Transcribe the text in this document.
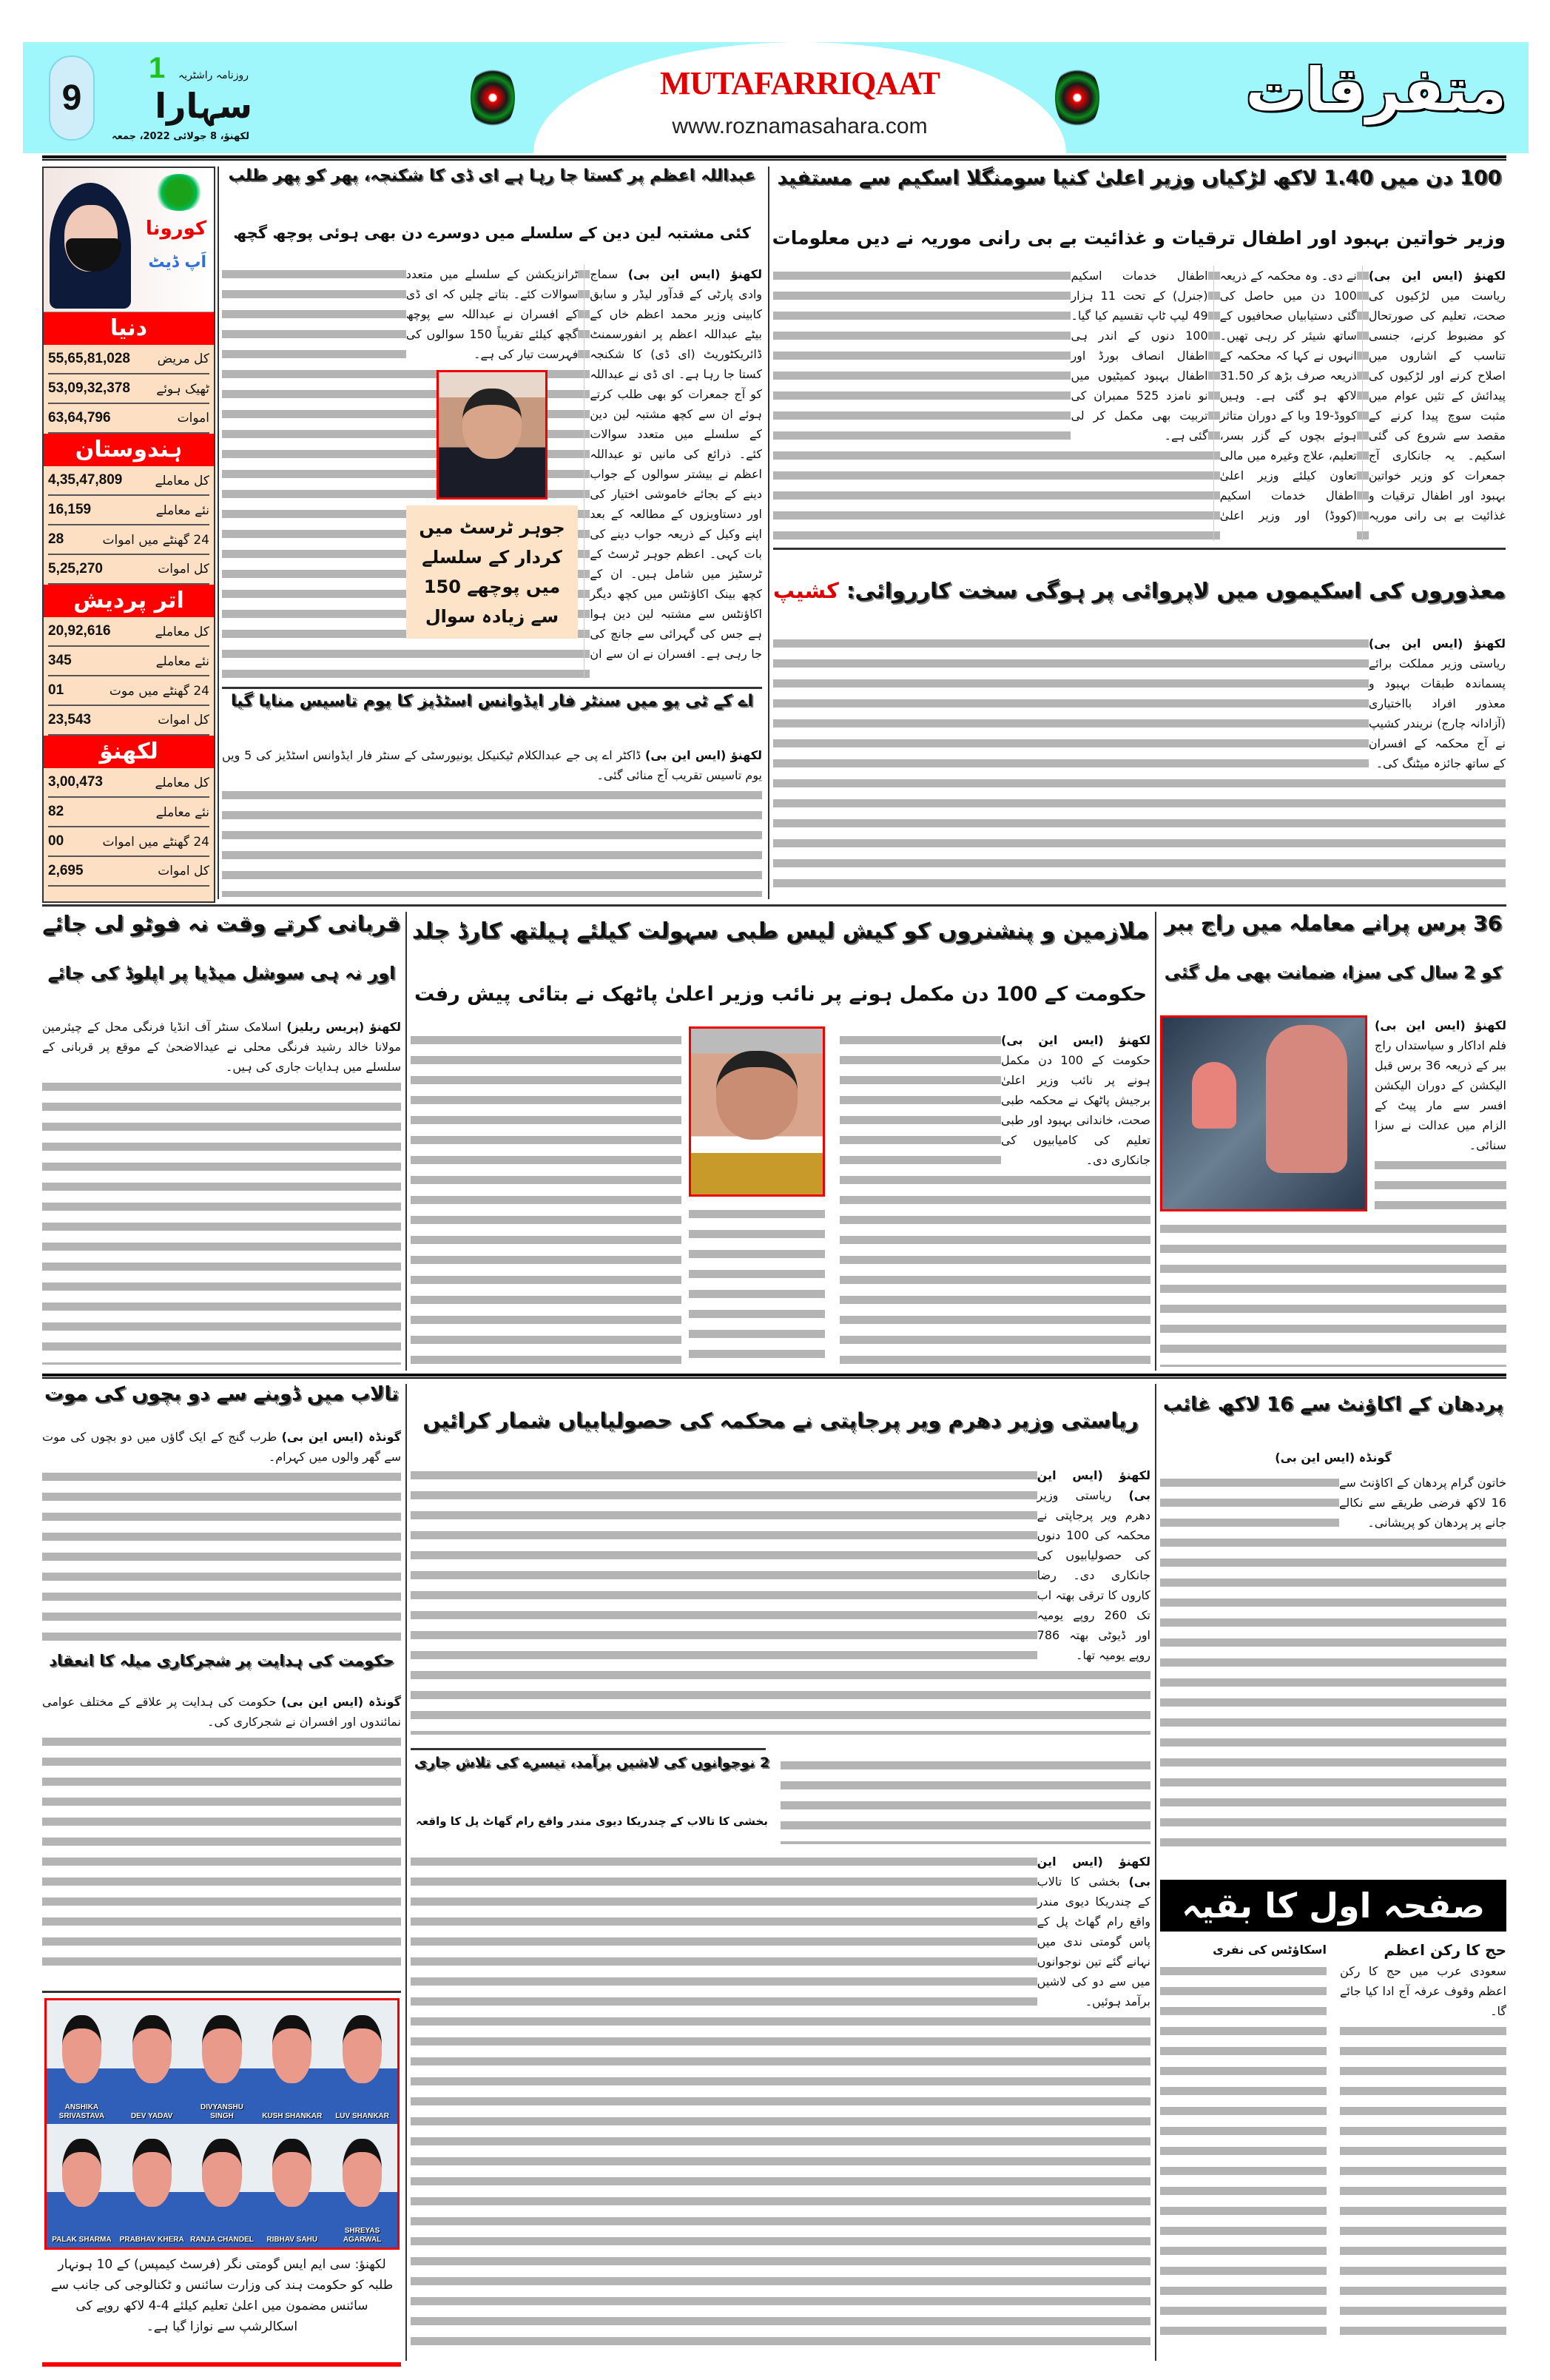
9
1 روزنامہ راشٹریہ
سہارا
لکھنؤ، 8 جولائی 2022، جمعہ
MUTAFARRIQAAT
www.roznamasahara.com
متفرقات
کورونا
اَپ ڈیٹ
دنیا
55,65,81,028 کل مریض
53,09,32,378 ٹھیک ہوئے
63,64,796	اموات
ہندوستان
4,35,47,809	کل معاملے
16,159	نئے معاملے
28	24 گھنٹے میں اموات
5,25,270	کل اموات
اتر پردیش
20,92,616	کل معاملے
345	نئے معاملے
01	24 گھنٹے میں موت
23,543	کل اموات
لکھنؤ
3,00,473	کل معاملے
82	نئے معاملے
00	24 گھنٹے میں اموات
2,695	کل اموات
عبداللہ اعظم پر کستا جا رہا ہے ای ڈی کا شکنجہ، پھر کو پھر طلب
کئی مشتبہ لین دین کے سلسلے میں دوسرے دن بھی ہوئی پوچھ گچھ
لکھنؤ (ایس این بی) سماج وادی پارٹی کے قدآور لیڈر و سابق کابینی وزیر محمد اعظم خاں کے بیٹے عبداللہ اعظم پر انفورسمنٹ ڈائریکٹوریٹ (ای ڈی) کا شکنجہ کستا جا رہا ہے۔ ای ڈی نے عبداللہ کو آج جمعرات کو بھی طلب کرتے ہوئے ان سے کچھ مشتبہ لین دین کے سلسلے میں متعدد سوالات کئے۔ ذرائع کی مانیں تو عبداللہ اعظم نے بیشتر سوالوں کے جواب دینے کے بجائے خاموشی اختیار کی اور دستاویزوں کے مطالعہ کے بعد اپنے وکیل کے ذریعہ جواب دینے کی بات کہی۔ اعظم جوہر ٹرسٹ کے ٹرسٹیز میں شامل ہیں۔ ان کے کچھ بینک اکاؤنٹس میں کچھ دیگر اکاؤنٹس سے مشتبہ لین دین ہوا ہے جس کی گہرائی سے جانچ کی جا رہی ہے۔ افسران نے ان سے ان ٹرانزیکشن کے سلسلے میں متعدد سوالات کئے۔ بتاتے چلیں کہ ای ڈی کے افسران نے عبداللہ سے پوچھ گچھ کیلئے تقریباً 150 سوالوں کی فہرست تیار کی ہے۔
جوہر ٹرسٹ میں کردار کے سلسلے میں پوچھے 150 سے زیادہ سوال
اے کے ٹی یو میں سنٹر فار ایڈوانس اسٹڈیز کا یوم تاسیس منایا گیا
لکھنؤ (ایس این بی) ڈاکٹر اے پی جے عبدالکلام ٹیکنیکل یونیورسٹی کے سنٹر فار ایڈوانس اسٹڈیز کی 5 ویں یوم تاسیس تقریب آج منائی گئی۔
100 دن میں 1.40 لاکھ لڑکیاں وزیر اعلیٰ کنیا سومنگلا اسکیم سے مستفید
وزیر خواتین بہبود اور اطفال ترقیات و غذائیت بے بی رانی موریہ نے دیں معلومات
لکھنؤ (ایس این بی) ریاست میں لڑکیوں کی صحت، تعلیم کی صورتحال کو مضبوط کرنے، جنسی تناسب کے اشاروں میں اصلاح کرنے اور لڑکیوں کی پیدائش کے تئیں عوام میں مثبت سوچ پیدا کرنے کے مقصد سے شروع کی گئی اسکیم۔ یہ جانکاری آج جمعرات کو وزیر خواتین بہبود اور اطفال ترقیات و غذائیت بے بی رانی موریہ نے دی۔ وہ محکمہ کے ذریعہ 100 دن میں حاصل کی گئی دستیابیاں صحافیوں کے ساتھ شیئر کر رہی تھیں۔ انہوں نے کہا کہ محکمہ کے ذریعہ صرف بڑھ کر 31.50 لاکھ ہو گئی ہے۔ وہیں کووڈ-19 وبا کے دوران متاثر ہوئے بچوں کے گزر بسر، تعلیم، علاج وغیرہ میں مالی تعاون کیلئے وزیر اعلیٰ اطفال خدمات اسکیم (کووڈ) اور وزیر اعلیٰ اطفال خدمات اسکیم (جنرل) کے تحت 11 ہزار 49 لیپ ٹاپ تقسیم کیا گیا۔ 100 دنوں کے اندر ہی اطفال انصاف بورڈ اور اطفال بہبود کمیٹیوں میں نو نامزد 525 ممبران کی تربیت بھی مکمل کر لی گئی ہے۔
معذوروں کی اسکیموں میں لاپروائی پر ہوگی سخت کارروائی: کشیپ
لکھنؤ (ایس این بی) ریاستی وزیر مملکت برائے پسماندہ طبقات بہبود و معذور افراد بااختیاری (آزادانہ چارج) نریندر کشیپ نے آج محکمہ کے افسران کے ساتھ جائزہ میٹنگ کی۔
قربانی کرتے وقت نہ فوٹو لی جائے
اور نہ ہی سوشل میڈیا پر اپلوڈ کی جائے
لکھنؤ (پریس ریلیز) اسلامک سنٹر آف انڈیا فرنگی محل کے چیئرمین مولانا خالد رشید فرنگی محلی نے عیدالاضحیٰ کے موقع پر قربانی کے سلسلے میں ہدایات جاری کی ہیں۔
ملازمین و پنشنروں کو کیش لیس طبی سہولت کیلئے ہیلتھ کارڈ جلد
حکومت کے 100 دن مکمل ہونے پر نائب وزیر اعلیٰ پاٹھک نے بتائی پیش رفت
لکھنؤ (ایس این بی) حکومت کے 100 دن مکمل ہونے پر نائب وزیر اعلیٰ برجیش پاٹھک نے محکمہ طبی صحت، خاندانی بہبود اور طبی تعلیم کی کامیابیوں کی جانکاری دی۔
36 برس پرانے معاملہ میں راج ببر
کو 2 سال کی سزا، ضمانت بھی مل گئی
لکھنؤ (ایس این بی) فلم اداکار و سیاستداں راج ببر کے ذریعہ 36 برس قبل الیکشن کے دوران الیکشن افسر سے مار پیٹ کے الزام میں عدالت نے سزا سنائی۔
تالاب میں ڈوبنے سے دو بچوں کی موت
گونڈہ (ایس این بی) طرب گنج کے ایک گاؤں میں دو بچوں کی موت سے گھر والوں میں کہرام۔
حکومت کی ہدایت پر شجرکاری میلہ کا انعقاد
گونڈہ (ایس این بی) حکومت کی ہدایت پر علاقے کے مختلف عوامی نمائندوں اور افسران نے شجرکاری کی۔
ANSHIKA SRIVASTAVA	DEV YADAV
DIVYANSHU SINGH	KUSH SHANKAR	LUV SHANKAR
PALAK SHARMA	PRABHAV KHERA RANJA CHANDEL	RIBHAV SAHU
SHREYAS AGARWAL
لکھنؤ: سی ایم ایس گومتی نگر (فرسٹ کیمپس) کے 10 ہونہار طلبہ کو حکومت ہند کی وزارت سائنس و ٹکنالوجی کی جانب سے سائنس مضمون میں اعلیٰ تعلیم کیلئے 4-4 لاکھ روپے کی اسکالرشپ سے نوازا گیا ہے۔
ریاستی وزیر دھرم ویر پرجاپتی نے محکمہ کی حصولیابیاں شمار کرائیں
لکھنؤ (ایس این بی) ریاستی وزیر دھرم ویر پرجاپتی نے محکمہ کی 100 دنوں کی حصولیابیوں کی جانکاری دی۔ رضا کاروں کا ترقی بھتہ اب تک 260 روپے یومیہ اور ڈیوٹی بھتہ 786 روپے یومیہ تھا۔
2 نوجوانوں کی لاشیں برآمد، تیسرے کی تلاش جاری
بخشی کا تالاب کے چندریکا دیوی مندر واقع رام گھاٹ پل کا واقعہ
لکھنؤ (ایس این بی) بخشی کا تالاب کے چندریکا دیوی مندر واقع رام گھاٹ پل کے پاس گومتی ندی میں نہانے گئے تین نوجوانوں میں سے دو کی لاشیں برآمد ہوئیں۔
پردھان کے اکاؤنٹ سے 16 لاکھ غائب
گونڈہ (ایس این بی)
خاتون گرام پردھان کے اکاؤنٹ سے 16 لاکھ فرضی طریقے سے نکالے جانے پر پردھان کو پریشانی۔
صفحہ اول کا بقیہ
حج کا رکن اعظم
سعودی عرب میں حج کا رکن اعظم وقوف عرفہ آج ادا کیا جائے گا۔
اسکاؤٹس کی نفری
